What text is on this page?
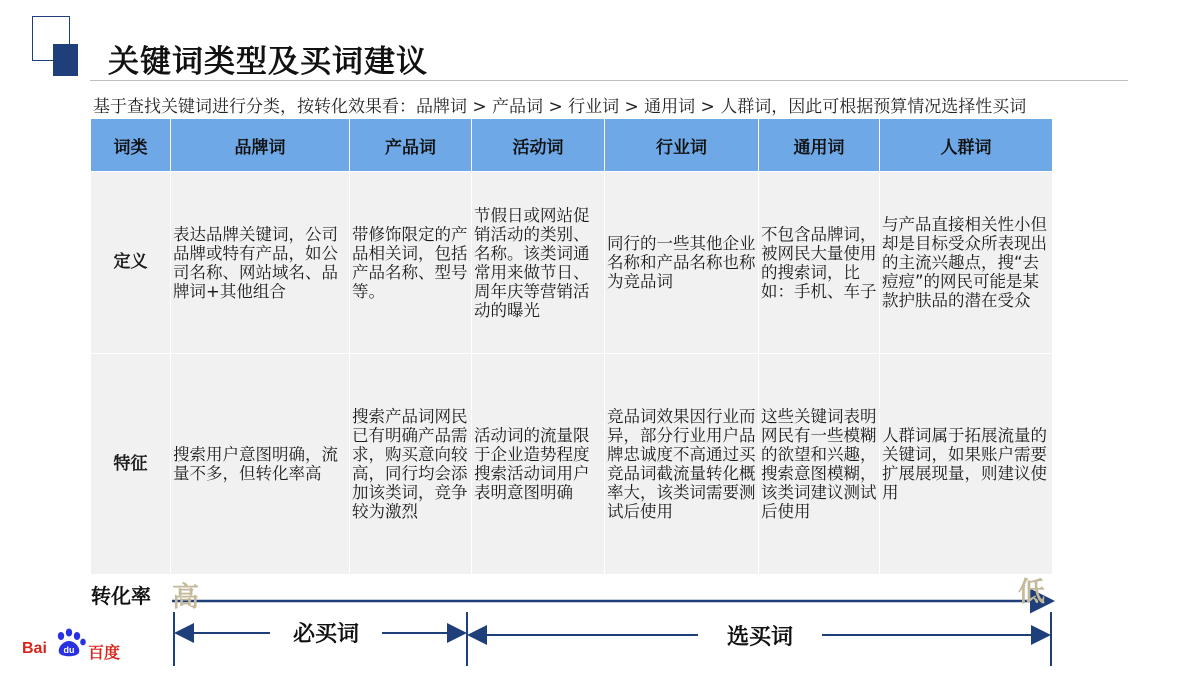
关键词类型及买词建议
基于查找关键词进行分类，按转化效果看：品牌词 > 产品词 > 行业词 > 通用词 > 人群词，因此可根据预算情况选择性买词
词类	品牌词	产品词	活动词	行业词	通用词	人群词
定义	表达品牌关键词，公司品牌或特有产品，如公司名称、网站域名、品牌词+其他组合	带修饰限定的产品相关词，包括产品名称、型号等。	节假日或网站促销活动的类别、名称。该类词通常用来做节日、周年庆等营销活动的曝光	同行的一些其他企业名称和产品名称也称为竞品词	不包含品牌词，被网民大量使用的搜索词，比如：手机、车子	与产品直接相关性小但却是目标受众所表现出的主流兴趣点，搜“去痘痘”的网民可能是某款护肤品的潜在受众
特征	搜索用户意图明确，流量不多，但转化率高	搜索产品词网民已有明确产品需求，购买意向较高，同行均会添加该类词，竞争较为激烈	活动词的流量限于企业造势程度搜索活动词用户表明意图明确	竞品词效果因行业而异，部分行业用户品牌忠诚度不高通过买竞品词截流量转化概率大，该类词需要测试后使用	这些关键词表明网民有一些模糊的欲望和兴趣，搜索意图模糊，该类词建议测试后使用	人群词属于拓展流量的关键词，如果账户需要扩展展现量，则建议使用
转化率 高	低
必买词	选买词
Bai du 百度
